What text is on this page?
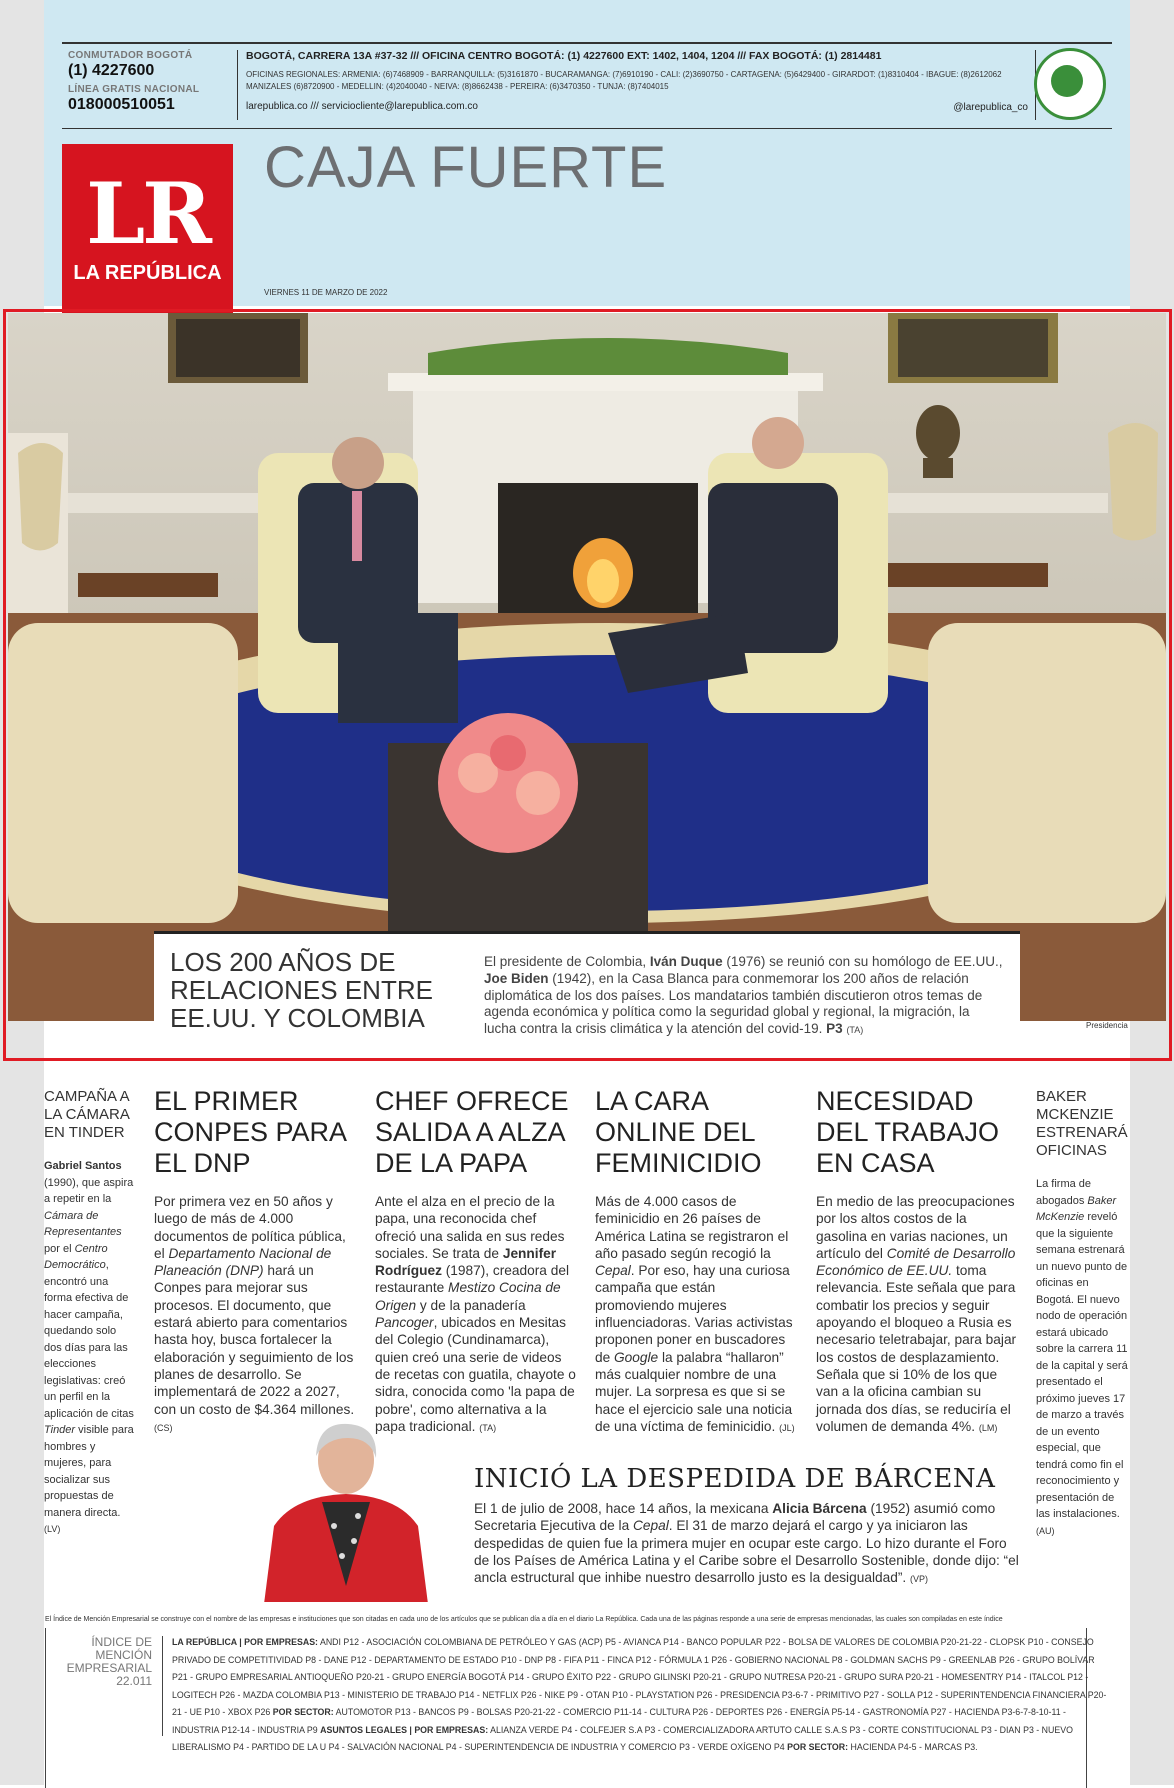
CONMUTADOR BOGOTÁ
(1) 4227600
LÍNEA GRATIS NACIONAL
018000510051
BOGOTÁ, CARRERA 13A #37-32 /// OFICINA CENTRO BOGOTÁ: (1) 4227600 EXT: 1402, 1404, 1204 /// FAX BOGOTÁ: (1) 2814481
OFICINAS REGIONALES: ARMENIA: (6)7468909 - BARRANQUILLA: (5)3161870 - BUCARAMANGA: (7)6910190 - CALI: (2)3690750 - CARTAGENA: (5)6429400 - GIRARDOT: (1)8310404 - IBAGUE: (8)2612062
MANIZALES (6)8720900 - MEDELLIN: (4)2040040 - NEIVA: (8)8662438 - PEREIRA: (6)3470350 - TUNJA: (8)7404015
larepublica.co /// serviciocliente@larepublica.com.co	@larepublica_co
LR
LA REPÚBLICA
CAJA FUERTE
VIERNES 11 DE MARZO DE 2022
LOS 200 AÑOS DE RELACIONES ENTRE EE.UU. Y COLOMBIA
El presidente de Colombia, Iván Duque (1976) se reunió con su homólogo de EE.UU., Joe Biden (1942), en la Casa Blanca para conmemorar los 200 años de relación diplomática de los dos países. Los mandatarios también discutieron otros temas de agenda económica y política como la seguridad global y regional, la migración, la lucha contra la crisis climática y la atención del covid-19. P3 (TA)	Presidencia
CAMPAÑA A LA CÁMARA EN TINDER
Gabriel Santos (1990), que aspira a repetir en la Cámara de Representantes por el Centro Democrático, encontró una forma efectiva de hacer campaña, quedando solo dos días para las elecciones legislativas: creó un perfil en la aplicación de citas Tinder visible para hombres y mujeres, para socializar sus propuestas de manera directa. (LV)
EL PRIMER CONPES PARA EL DNP
Por primera vez en 50 años y luego de más de 4.000 documentos de política pública, el Departamento Nacional de Planeación (DNP) hará un Conpes para mejorar sus procesos. El documento, que estará abierto para comentarios hasta hoy, busca fortalecer la elaboración y seguimiento de los planes de desarrollo. Se implementará de 2022 a 2027, con un costo de $4.364 millones. (CS)
CHEF OFRECE SALIDA A ALZA DE LA PAPA
Ante el alza en el precio de la papa, una reconocida chef ofreció una salida en sus redes sociales. Se trata de Jennifer Rodríguez (1987), creadora del restaurante Mestizo Cocina de Origen y de la panadería Pancoger, ubicados en Mesitas del Colegio (Cundinamarca), quien creó una serie de videos de recetas con guatila, chayote o sidra, conocida como 'la papa de pobre', como alternativa a la papa tradicional. (TA)
LA CARA ONLINE DEL FEMINICIDIO
Más de 4.000 casos de feminicidio en 26 países de América Latina se registraron el año pasado según recogió la Cepal. Por eso, hay una curiosa campaña que están promoviendo mujeres influenciadoras. Varias activistas proponen poner en buscadores de Google la palabra “hallaron” más cualquier nombre de una mujer. La sorpresa es que si se hace el ejercicio sale una noticia de una víctima de feminicidio. (JL)
NECESIDAD DEL TRABAJO EN CASA
En medio de las preocupaciones por los altos costos de la gasolina en varias naciones, un artículo del Comité de Desarrollo Económico de EE.UU. toma relevancia. Este señala que para combatir los precios y seguir apoyando el bloqueo a Rusia es necesario teletrabajar, para bajar los costos de desplazamiento. Señala que si 10% de los que van a la oficina cambian su jornada dos días, se reduciría el volumen de demanda 4%. (LM)
BAKER MCKENZIE ESTRENARÁ OFICINAS
La firma de abogados Baker McKenzie reveló que la siguiente semana estrenará un nuevo punto de oficinas en Bogotá. El nuevo nodo de operación estará ubicado sobre la carrera 11 de la capital y será presentado el próximo jueves 17 de marzo a través de un evento especial, que tendrá como fin el reconocimiento y presentación de las instalaciones. (AU)
INICIÓ LA DESPEDIDA DE BÁRCENA
El 1 de julio de 2008, hace 14 años, la mexicana Alicia Bárcena (1952) asumió como Secretaria Ejecutiva de la Cepal. El 31 de marzo dejará el cargo y ya iniciaron las despedidas de quien fue la primera mujer en ocupar este cargo. Lo hizo durante el Foro de los Países de América Latina y el Caribe sobre el Desarrollo Sostenible, donde dijo: “el ancla estructural que inhibe nuestro desarrollo justo es la desigualdad”. (VP)
El Índice de Mención Empresarial se construye con el nombre de las empresas e instituciones que son citadas en cada uno de los artículos que se publican día a día en el diario La República. Cada una de las páginas responde a una serie de empresas mencionadas, las cuales son compiladas en este índice
ÍNDICE DE MENCIÓN EMPRESARIAL
22.011
LA REPÚBLICA | POR EMPRESAS: ANDI P12 - ASOCIACIÓN COLOMBIANA DE PETRÓLEO Y GAS (ACP) P5 - AVIANCA P14 - BANCO POPULAR P22 - BOLSA DE VALORES DE COLOMBIA P20-21-22 - CLOPSK P10 - CONSEJO PRIVADO DE COMPETITIVIDAD P8 - DANE P12 - DEPARTAMENTO DE ESTADO P10 - DNP P8 - FIFA P11 - FINCA P12 - FÓRMULA 1 P26 - GOBIERNO NACIONAL P8 - GOLDMAN SACHS P9 - GREENLAB P26 - GRUPO BOLÍVAR P21 - GRUPO EMPRESARIAL ANTIOQUEÑO P20-21 - GRUPO ENERGÍA BOGOTÁ P14 - GRUPO ÉXITO P22 - GRUPO GILINSKI P20-21 - GRUPO NUTRESA P20-21 - GRUPO SURA P20-21 - HOMESENTRY P14 - ITALCOL P12 - LOGITECH P26 - MAZDA COLOMBIA P13 - MINISTERIO DE TRABAJO P14 - NETFLIX P26 - NIKE P9 - OTAN P10 - PLAYSTATION P26 - PRESIDENCIA P3-6-7 - PRIMITIVO P27 - SOLLA P12 - SUPERINTENDENCIA FINANCIERA P20-21 - UE P10 - XBOX P26 POR SECTOR: AUTOMOTOR P13 - BANCOS P9 - BOLSAS P20-21-22 - COMERCIO P11-14 - CULTURA P26 - DEPORTES P26 - ENERGÍA P5-14 - GASTRONOMÍA P27 - HACIENDA P3-6-7-8-10-11 - INDUSTRIA P12-14 - INDUSTRIA P9 ASUNTOS LEGALES | POR EMPRESAS: ALIANZA VERDE P4 - COLFEJER S.A P3 - COMERCIALIZADORA ARTUTO CALLE S.A.S P3 - CORTE CONSTITUCIONAL P3 - DIAN P3 - NUEVO LIBERALISMO P4 - PARTIDO DE LA U P4 - SALVACIÓN NACIONAL P4 - SUPERINTENDENCIA DE INDUSTRIA Y COMERCIO P3 - VERDE OXÍGENO P4 POR SECTOR: HACIENDA P4-5 - MARCAS P3.
